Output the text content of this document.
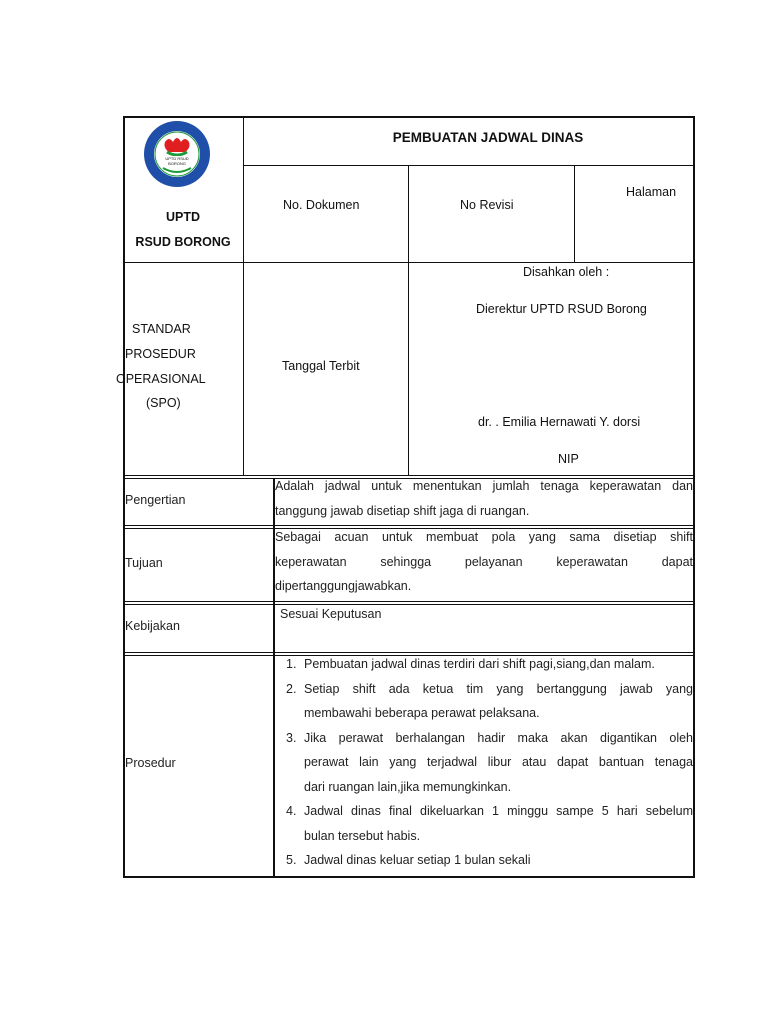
UPTD RSUD
BORONG
UPTD
RSUD BORONG
PEMBUATAN JADWAL DINAS
No. Dokumen	No Revisi
Halaman
STANDAR
PROSEDUR
OPERASIONAL
(SPO)
Tanggal Terbit
Disahkan oleh :
Dierektur UPTD RSUD Borong
dr. . Emilia Hernawati Y. dorsi
NIP
Pengertian
Adalah jadwal untuk menentukan jumlah tenaga keperawatan dan
tanggung jawab disetiap shift jaga di ruangan.
Tujuan
Sebagai acuan untuk membuat pola yang sama disetiap shift
keperawatan sehingga pelayanan keperawatan dapat
dipertanggungjawabkan.
Kebijakan
Sesuai Keputusan
Prosedur
1. Pembuatan jadwal dinas terdiri dari shift pagi,siang,dan malam.
2. Setiap shift ada ketua tim yang bertanggung jawab yang
membawahi beberapa perawat pelaksana.
3. Jika perawat berhalangan hadir maka akan digantikan oleh
perawat lain yang terjadwal libur atau dapat bantuan tenaga
dari ruangan lain,jika memungkinkan.
4. Jadwal dinas final dikeluarkan 1 minggu sampe 5 hari sebelum
bulan tersebut habis.
5. Jadwal dinas keluar setiap 1 bulan sekali
